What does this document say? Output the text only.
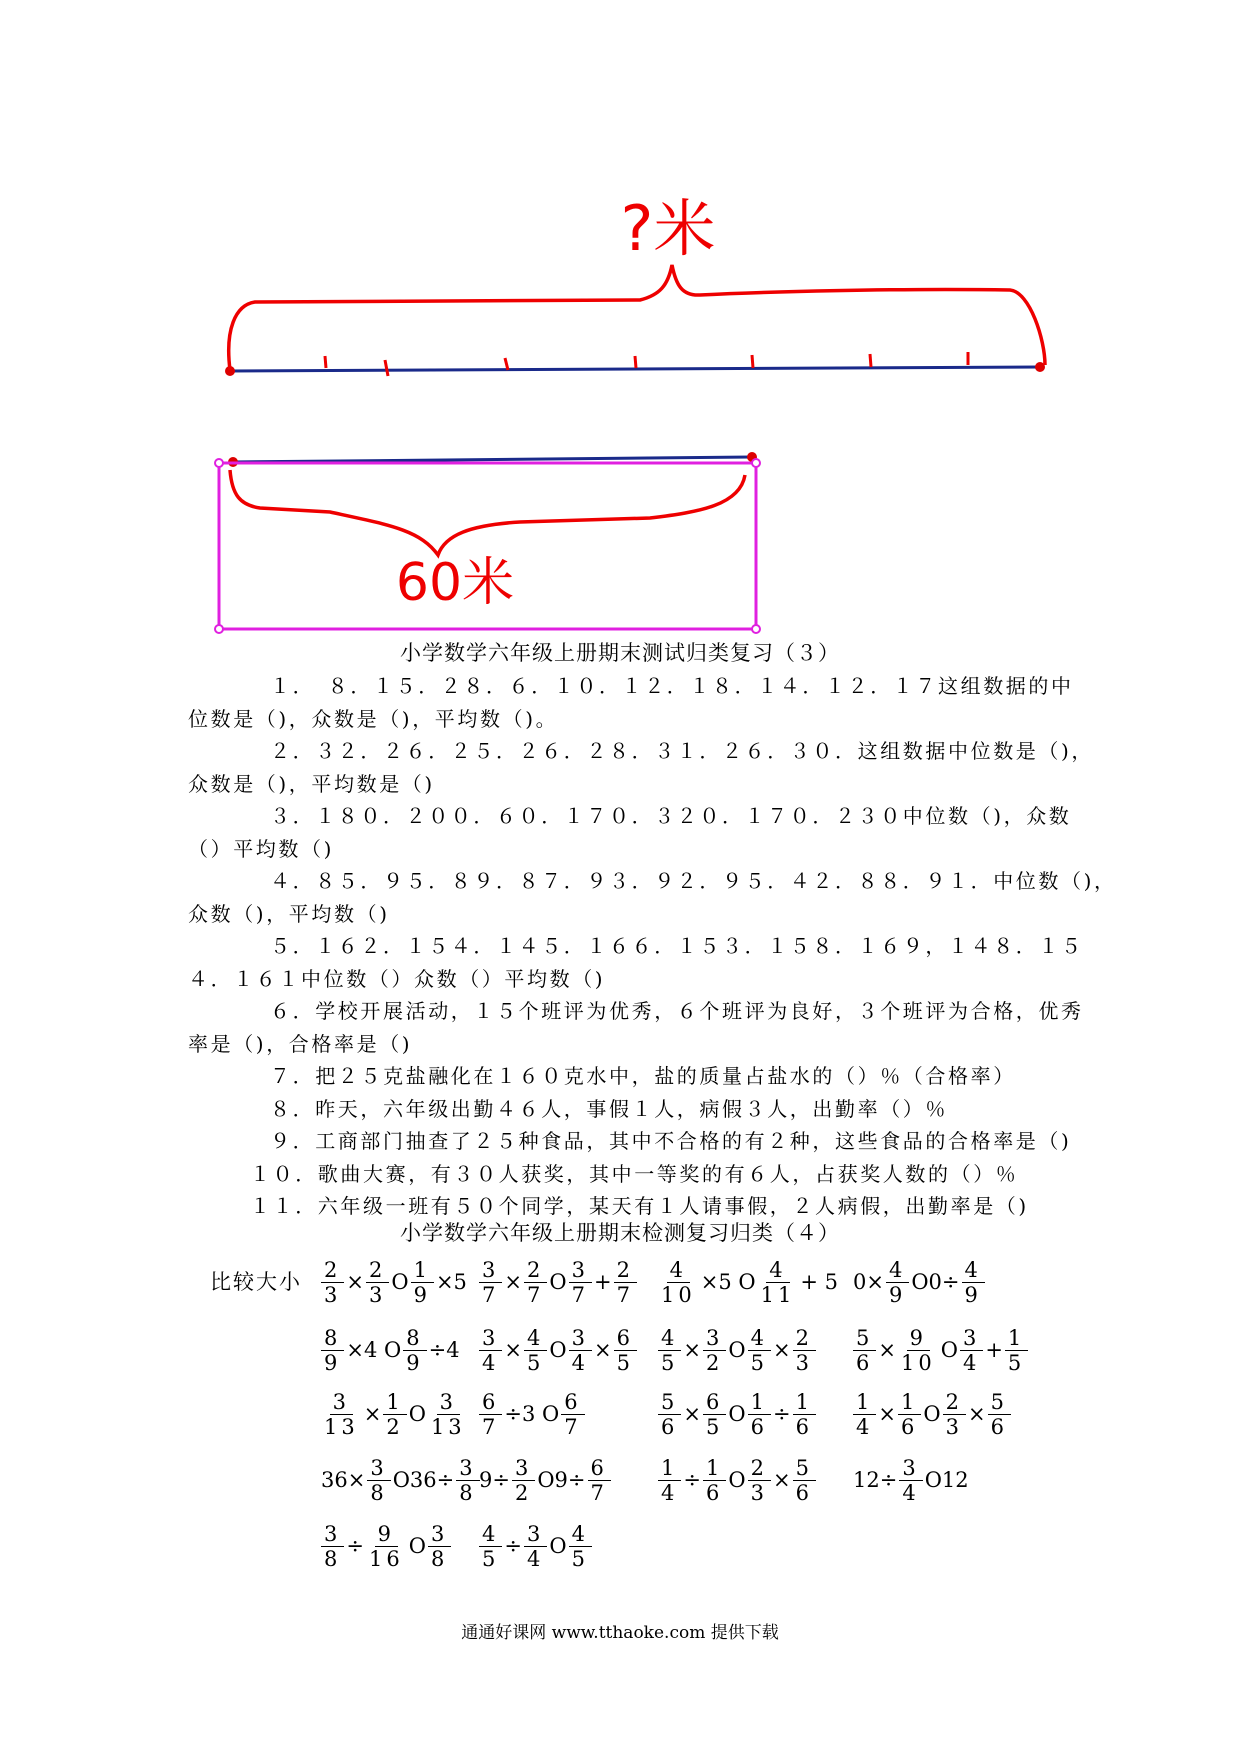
?米
60米
小学数学六年级上册期末测试归类复习（３）
１．　８．１５．２８．６．１０．１２．１８．１４．１２．１７这组数据的中
位数是（)，众数是（)，平均数（)。
２．３２．２６．２５．２６．２８．３１．２６．３０．这组数据中位数是（)，
众数是（)，平均数是（)
３．１８０．２００．６０．１７０．３２０．１７０．２３０中位数（)，众数
（）平均数（)
４．８５．９５．８９．８７．９３．９２．９５．４２．８８．９１．中位数（)，
众数（)，平均数（)
５．１６２．１５４．１４５．１６６．１５３．１５８．１６９，１４８．１５
４．１６１中位数（）众数（）平均数（)
６．学校开展活动，１５个班评为优秀，６个班评为良好，３个班评为合格，优秀
率是（)，合格率是（)
７．把２５克盐融化在１６０克水中，盐的质量占盐水的（）％（合格率）
８．昨天，六年级出勤４６人，事假１人，病假３人，出勤率（）％
９．工商部门抽查了２５种食品，其中不合格的有２种，这些食品的合格率是（)
１０．歌曲大赛，有３０人获奖，其中一等奖的有６人，占获奖人数的（）％
１１．六年级一班有５０个同学，某天有１人请事假，２人病假，出勤率是（)
小学数学六年级上册期末检测复习归类（４）
比较大小 $\frac{2}{3} \times \frac{2}{3}$ O $\frac{1}{9} \times 5 \frac{3}{7} \times \frac{2}{7}$ O $\frac{3}{7} + \frac{2}{7} \frac{4}{10} \times 5$ O $\frac{4}{11} + 5$ $0\times \frac{4}{9} O0\div \frac{4}{9}$
$\frac{8}{9} \times 4$ O $\frac{8}{9} \div 4 \frac{3}{4} \times \frac{4}{5}$ O $\frac{3}{4} \times \frac{6}{5} \frac{4}{5} \times \frac{3}{2}$ O $\frac{4}{5} \times \frac{2}{3} \frac{5}{6} \times \frac{9}{10}$ O $\frac{3}{4} + \frac{1}{5}$
$\frac{3}{13} \times \frac{1}{2}$ O $\frac{3}{13} \frac{6}{7} \div 3$ O $\frac{6}{7}$	$\frac{5}{6} \times \frac{6}{5}$ O $\frac{1}{6} \div \frac{1}{6} \frac{1}{4} \times \frac{1}{6}$ O $\frac{2}{3} \times \frac{5}{6}$
$36\times \frac{3}{8} O36\div \frac{3}{8} 9\div \frac{3}{2} O9\div \frac{6}{7} \frac{1}{4} \div \frac{1}{6}$ O $\frac{2}{3} \times \frac{5}{6} 12\div \frac{3}{4} O12$
$\frac{3}{8} \div \frac{9}{16}$ O $\frac{3}{8} \frac{4}{5} \div \frac{3}{4}$ O $\frac{4}{5}$
通通好课网 www.tthaoke.com 提供下载
